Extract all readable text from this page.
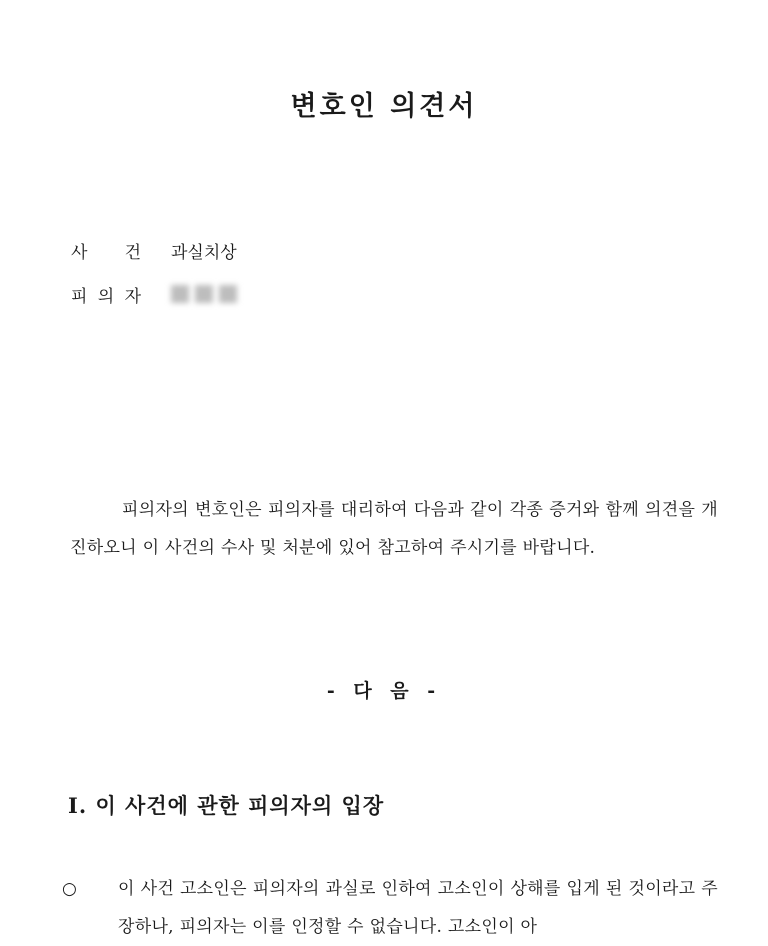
변호인 의견서
사 건 과실치상
피 의 자
피의자의 변호인은 피의자를 대리하여 다음과 같이 각종 증거와 함께 의견을 개진하오니 이 사건의 수사 및 처분에 있어 참고하여 주시기를 바랍니다.
- 다 음 -
I. 이 사건에 관한 피의자의 입장
○ 이 사건 고소인은 피의자의 과실로 인하여 고소인이 상해를 입게 된 것이라고 주장하나, 피의자는 이를 인정할 수 없습니다. 고소인이 아
